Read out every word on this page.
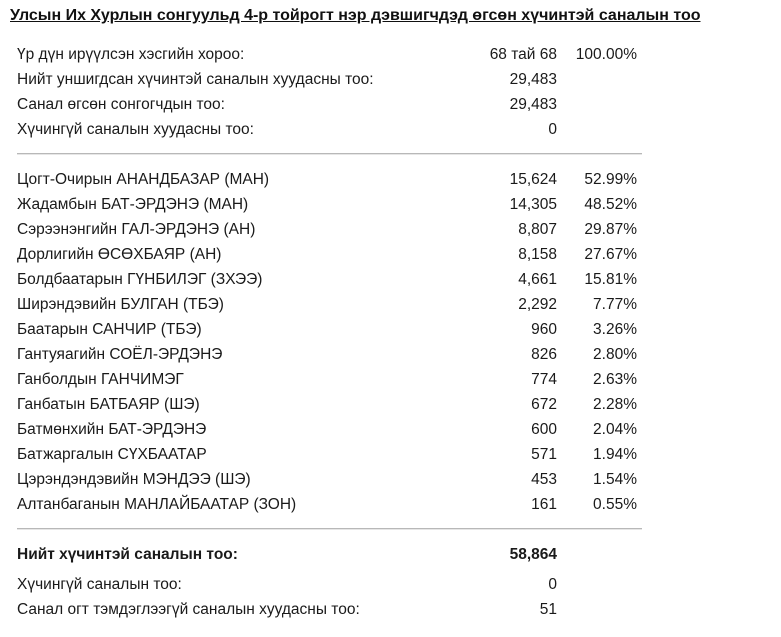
Улсын Их Хурлын сонгуульд 4-р тойрогт нэр дэвшигчдэд өгсөн хүчинтэй саналын тоо
Үр дүн ирүүлсэн хэсгийн хороо:	68 тай 68 100.00%
Нийт уншигдсан хүчинтэй саналын хуудасны тоо:	29,483
Санал өгсөн сонгогчдын тоо:	29,483
Хүчингүй саналын хуудасны тоо:	0
Цогт-Очирын АНАНДБАЗАР (МАН)	15,624 52.99%
Жадамбын БАТ-ЭРДЭНЭ (МАН)	14,305 48.52%
Сэрээнэнгийн ГАЛ-ЭРДЭНЭ (АН)	8,807 29.87%
Дорлигийн ӨСӨХБАЯР (АН)	8,158 27.67%
Болдбаатарын ГҮНБИЛЭГ (ЗХЭЭ)	4,661 15.81%
Ширэндэвийн БУЛГАН (ТБЭ)	2,292 7.77%
Баатарын САНЧИР (ТБЭ)	960 3.26%
Гантуяагийн СОЁЛ-ЭРДЭНЭ	826 2.80%
Ганболдын ГАНЧИМЭГ	774 2.63%
Ганбатын БАТБАЯР (ШЭ)	672 2.28%
Батмөнхийн БАТ-ЭРДЭНЭ	600 2.04%
Батжаргалын СҮХБААТАР	571 1.94%
Цэрэндэндэвийн МЭНДЭЭ (ШЭ)	453 1.54%
Алтанбаганын МАНЛАЙБААТАР (ЗОН)	161 0.55%
Нийт хүчинтэй саналын тоо:	58,864
Хүчингүй саналын тоо:	0
Санал огт тэмдэглээгүй саналын хуудасны тоо:	51
